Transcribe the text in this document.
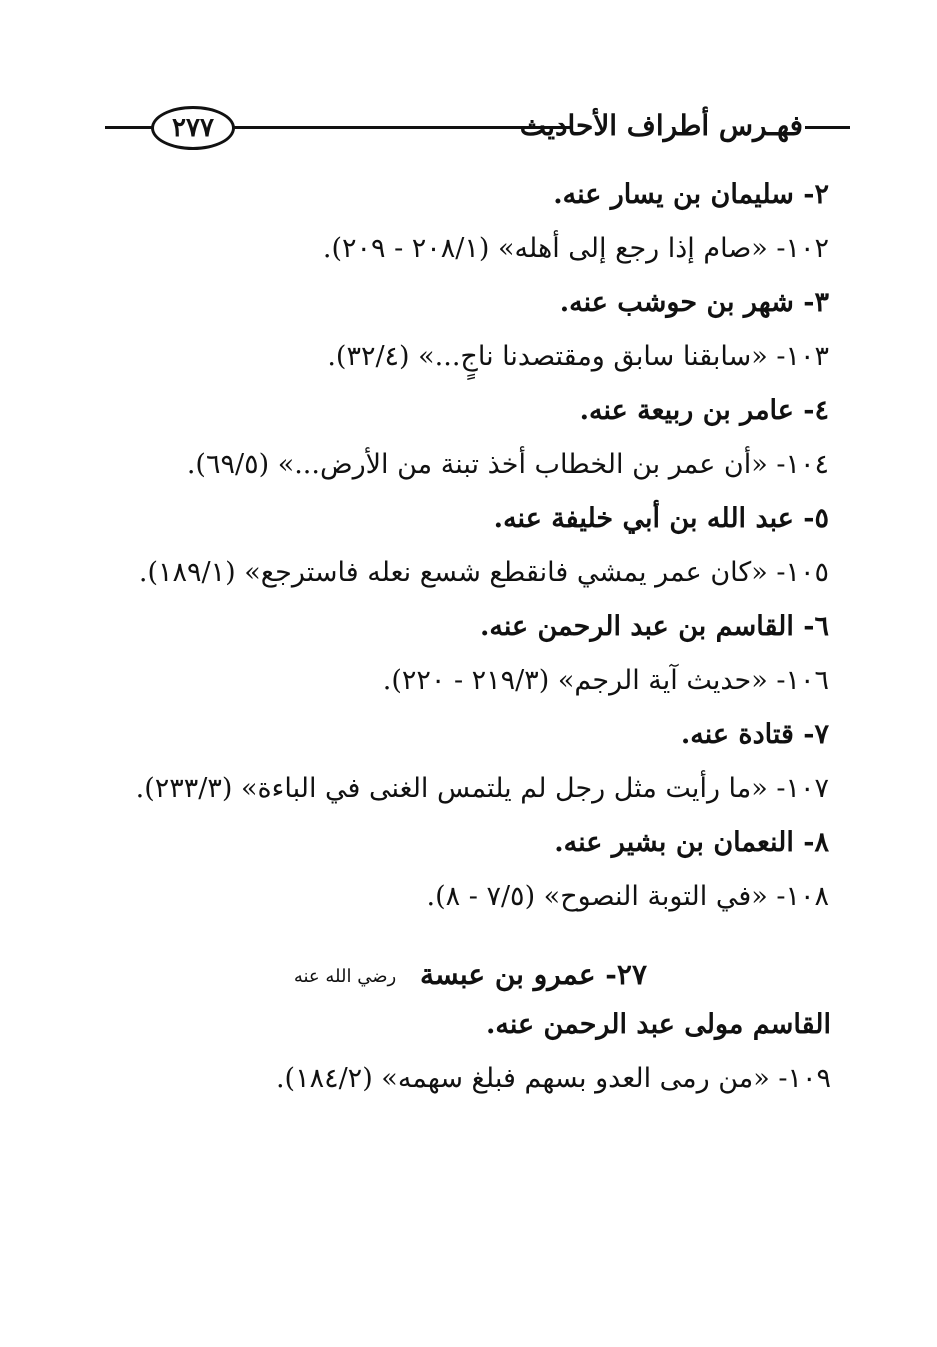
٢٧٧	فهـرس أطراف الأحاديث
٢- سليمان بن يسار عنه.
١٠٢- «صام إذا رجع إلى أهله» (٢٠٨/١ - ٢٠٩).
٣- شهر بن حوشب عنه.
١٠٣- «سابقنا سابق ومقتصدنا ناجٍ...» (٣٢/٤).
٤- عامر بن ربيعة عنه.
١٠٤- «أن عمر بن الخطاب أخذ تبنة من الأرض...» (٦٩/٥).
٥- عبد الله بن أبي خليفة عنه.
١٠٥- «كان عمر يمشي فانقطع شسع نعله فاسترجع» (١٨٩/١).
٦- القاسم بن عبد الرحمن عنه.
١٠٦- «حديث آية الرجم» (٢١٩/٣ - ٢٢٠).
٧- قتادة عنه.
١٠٧- «ما رأيت مثل رجل لم يلتمس الغنى في الباءة» (٢٣٣/٣).
٨- النعمان بن بشير عنه.
١٠٨- «في التوبة النصوح» (٧/٥ - ٨).
٢٧- عمرو بن عبسة رضي الله عنه
القاسم مولى عبد الرحمن عنه.
١٠٩- «من رمى العدو بسهم فبلغ سهمه» (١٨٤/٢).
